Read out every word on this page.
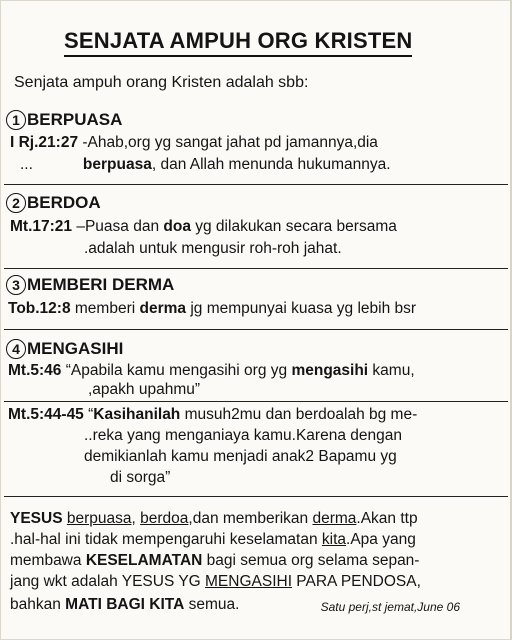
SENJATA AMPUH ORG KRISTEN
Senjata ampuh orang Kristen adalah sbb:
1 BERPUASA
I Rj.21:27 -Ahab,org yg sangat jahat pd jamannya,dia
...	berpuasa, dan Allah menunda hukumannya.
2 BERDOA
Mt.17:21 –Puasa dan doa yg dilakukan secara bersama
.adalah untuk mengusir roh-roh jahat.
3 MEMBERI DERMA
Tob.12:8 memberi derma jg mempunyai kuasa yg lebih bsr
4 MENGASIHI
Mt.5:46 “Apabila kamu mengasihi org yg mengasihi kamu,
,apakh upahmu”
Mt.5:44-45 “Kasihanilah musuh2mu dan berdoalah bg me-
..reka yang menganiaya kamu.Karena dengan
demikianlah kamu menjadi anak2 Bapamu yg
di sorga”
YESUS berpuasa, berdoa,dan memberikan derma.Akan ttp
.hal-hal ini tidak mempengaruhi keselamatan kita.Apa yang
membawa KESELAMATAN bagi semua org selama sepan-
jang wkt adalah YESUS YG MENGASIHI PARA PENDOSA,
bahkan MATI BAGI KITA semua.	Satu perj,st jemat,June 06
